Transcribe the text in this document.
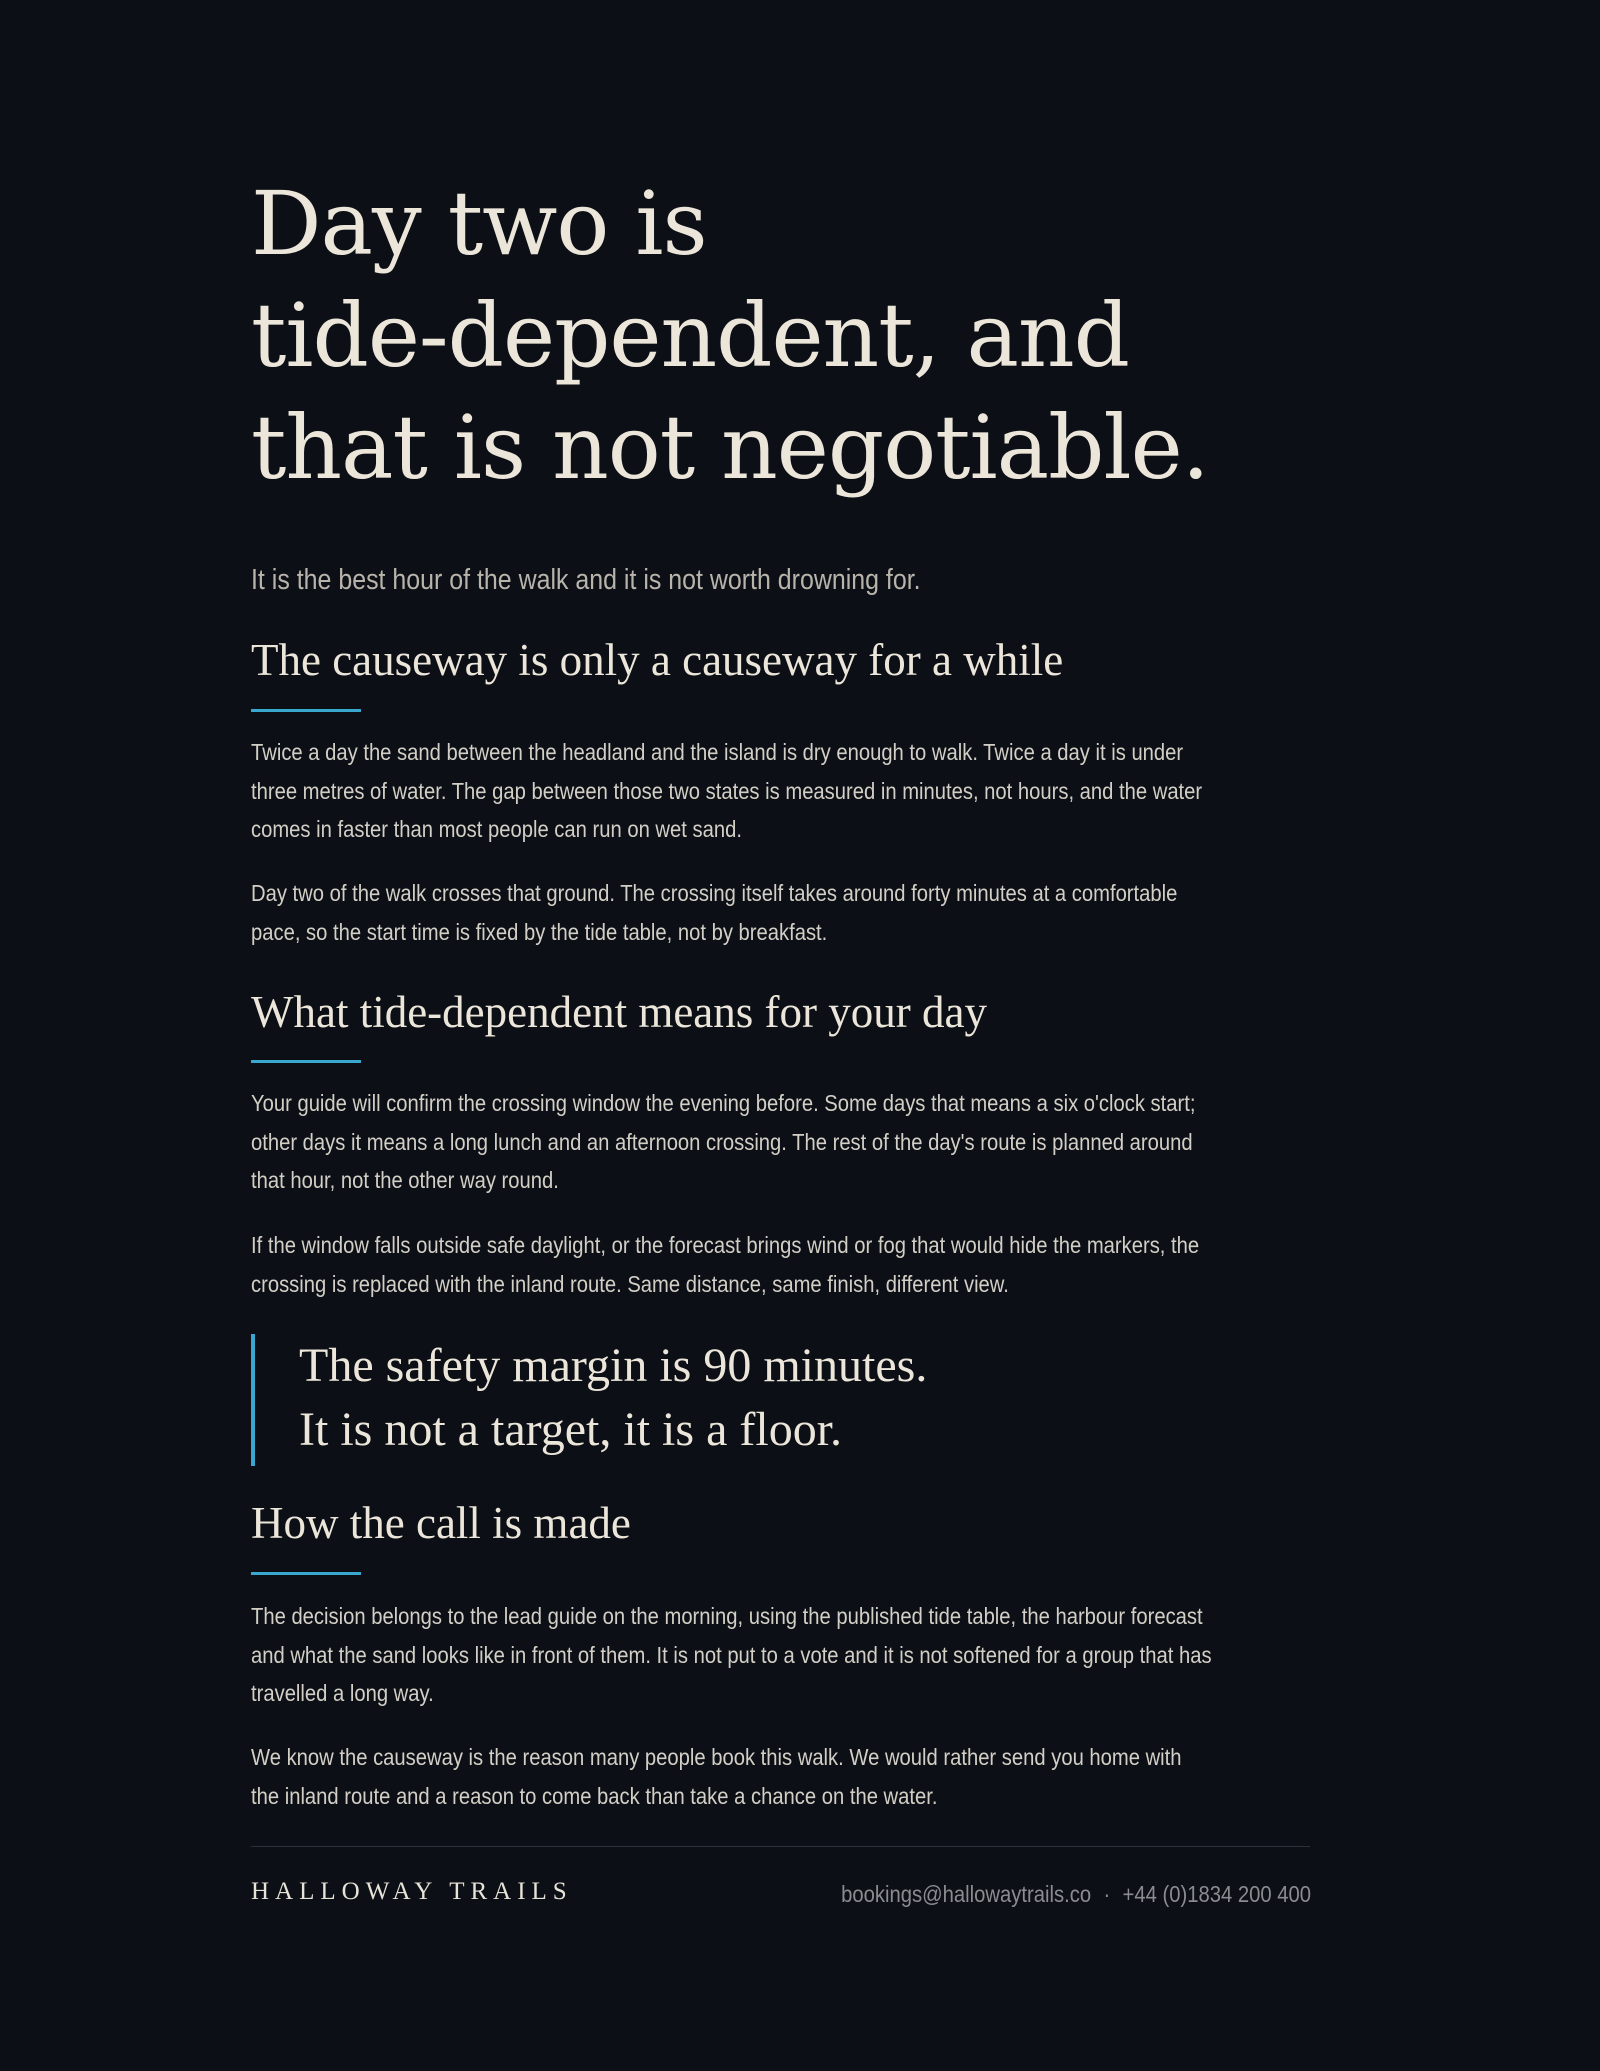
Day two is
tide-dependent, and
that is not negotiable.
It is the best hour of the walk and it is not worth drowning for.
The causeway is only a causeway for a while

Twice a day the sand between the headland and the island is dry enough to walk. Twice a day it is under three metres of water. The gap between those two states is measured in minutes, not hours, and the water comes in faster than most people can run on wet sand.

Day two of the walk crosses that ground. The crossing itself takes around forty minutes at a comfortable pace, so the start time is fixed by the tide table, not by breakfast.

What tide-dependent means for your day

Your guide will confirm the crossing window the evening before. Some days that means a six o'clock start; other days it means a long lunch and an afternoon crossing. The rest of the day's route is planned around that hour, not the other way round.

If the window falls outside safe daylight, or the forecast brings wind or fog that would hide the markers, the crossing is replaced with the inland route. Same distance, same finish, different view.

The safety margin is 90 minutes.
It is not a target, it is a floor.
How the call is made

The decision belongs to the lead guide on the morning, using the published tide table, the harbour forecast and what the sand looks like in front of them. It is not put to a vote and it is not softened for a group that has travelled a long way.

We know the causeway is the reason many people book this walk. We would rather send you home with the inland route and a reason to come back than take a chance on the water.

HALLOWAY TRAILS	bookings@hallowaytrails.co · +44 (0)1834 200 400
